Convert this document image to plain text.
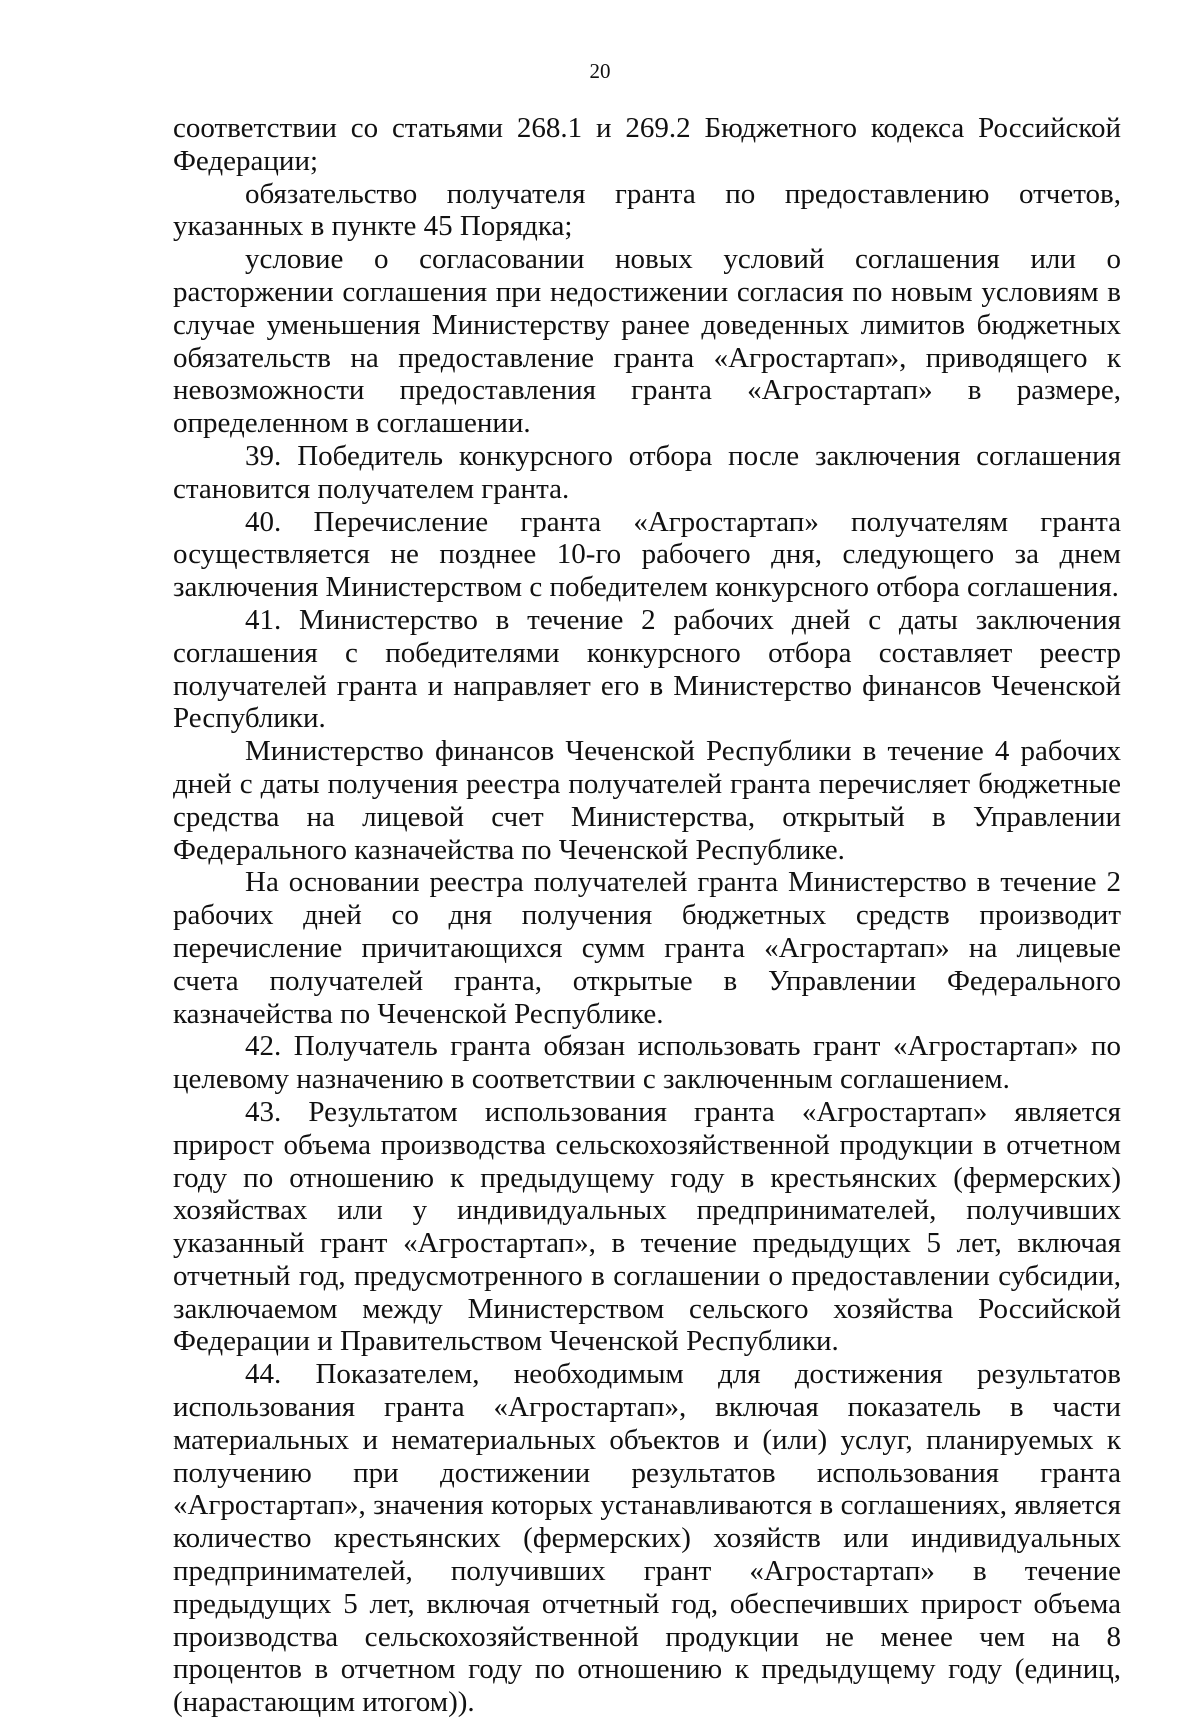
20

соответствии со статьями 268.1 и 269.2 Бюджетного кодекса Российской Федерации;

обязательство получателя гранта по предоставлению отчетов, указанных в пункте 45 Порядка;

условие о согласовании новых условий соглашения или о расторжении соглашения при недостижении согласия по новым условиям в случае уменьшения Министерству ранее доведенных лимитов бюджетных обязательств на предоставление гранта «Агростартап», приводящего к невозможности предоставления гранта «Агростартап» в размере, определенном в соглашении.

39. Победитель конкурсного отбора после заключения соглашения становится получателем гранта.

40. Перечисление гранта «Агростартап» получателям гранта осуществляется не позднее 10-го рабочего дня, следующего за днем заключения Министерством с победителем конкурсного отбора соглашения.

41. Министерство в течение 2 рабочих дней с даты заключения соглашения с победителями конкурсного отбора составляет реестр получателей гранта и направляет его в Министерство финансов Чеченской Республики.

Министерство финансов Чеченской Республики в течение 4 рабочих дней с даты получения реестра получателей гранта перечисляет бюджетные средства на лицевой счет Министерства, открытый в Управлении Федерального казначейства по Чеченской Республике.

На основании реестра получателей гранта Министерство в течение 2 рабочих дней со дня получения бюджетных средств производит перечисление причитающихся сумм гранта «Агростартап» на лицевые счета получателей гранта, открытые в Управлении Федерального казначейства по Чеченской Республике.

42. Получатель гранта обязан использовать грант «Агростартап» по целевому назначению в соответствии с заключенным соглашением.

43. Результатом использования гранта «Агростартап» является прирост объема производства сельскохозяйственной продукции в отчетном году по отношению к предыдущему году в крестьянских (фермерских) хозяйствах или у индивидуальных предпринимателей, получивших указанный грант «Агростартап», в течение предыдущих 5 лет, включая отчетный год, предусмотренного в соглашении о предоставлении субсидии, заключаемом между Министерством сельского хозяйства Российской Федерации и Правительством Чеченской Республики.

44. Показателем, необходимым для достижения результатов использования гранта «Агростартап», включая показатель в части материальных и нематериальных объектов и (или) услуг, планируемых к получению при достижении результатов использования гранта «Агростартап», значения которых устанавливаются в соглашениях, является количество крестьянских (фермерских) хозяйств или индивидуальных предпринимателей, получивших грант «Агростартап» в течение предыдущих 5 лет, включая отчетный год, обеспечивших прирост объема производства сельскохозяйственной продукции не менее чем на 8 процентов в отчетном году по отношению к предыдущему году (единиц, (нарастающим итогом)).
